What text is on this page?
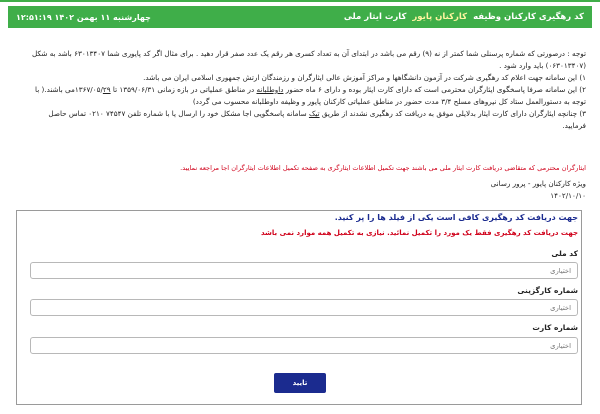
کد رهگیری کارکنان وظیفه
کارکنان پایور
کارت ایثار ملی
چهارشنبه ۱۱ بهمن ۱۴۰۲ ۱۲:۵۱:۱۹

توجه : درصورتی که شماره پرسنلی شما کمتر از نه (۹) رقم می باشد در ابتدای آن به تعداد کسری هر رقم یک عدد صفر قرار دهید . برای مثال اگر کد پایوری شما ۶۳۰۱۳۴۰۷ باشد به شکل

(۰۶۳۰۱۳۴۰۷) باید وارد شود .

۱) این سامانه جهت اعلام کد رهگیری شرکت در آزمون دانشگاهها و مراکز آموزش عالی ایثارگران و رزمندگان ارتش جمهوری اسلامی ایران می باشد.

۲) این سامانه صرفا پاسخگوی ایثارگران محترمی است که دارای کارت ایثار بوده و دارای ۶ ماه حضور داوطلبانه در مناطق عملیاتی در بازه زمانی ۱۳۵۹/۰۶/۳۱ تا ۱۳۶۷/۰۵/۲۹می باشند.( با

توجه به دستورالعمل ستاد کل نیروهای مسلح ۳/۴ مدت حضور در مناطق عملیاتی کارکنان پایور و وظیفه داوطلبانه محسوب می گردد)

۳) چنانچه ایثارگران دارای کارت ایثار بدلایلی موفق به دریافت کد رهگیری نشدند از طریق تیک سامانه پاسخگویی اجا مشکل خود را ارسال یا با شماره تلفن ۷۴۵۴۷ ۰۲۱۰ تماس حاصل

فرمایید.

ایثارگران محترمی که متقاضی دریافت کارت ایثار ملی می باشند جهت تکمیل اطلاعات ایثارگری به صفحه تکمیل اطلاعات ایثارگران اجا مراجعه نمایید.
ویژه کارکنان پایور - پرور رسانی
۱۴۰۲/۱۰/۱۰
جهت دریافت کد رهگیری کافی است یکی از فیلد ها را پر کنید.
جهت دریافت کد رهگیری فقط یک مورد را تکمیل نمائید. نیازی به تکمیل همه موارد نمی باشد
کد ملی
اختیاری
شماره کارگزینی
اختیاری
شماره کارت
اختیاری
تایید
